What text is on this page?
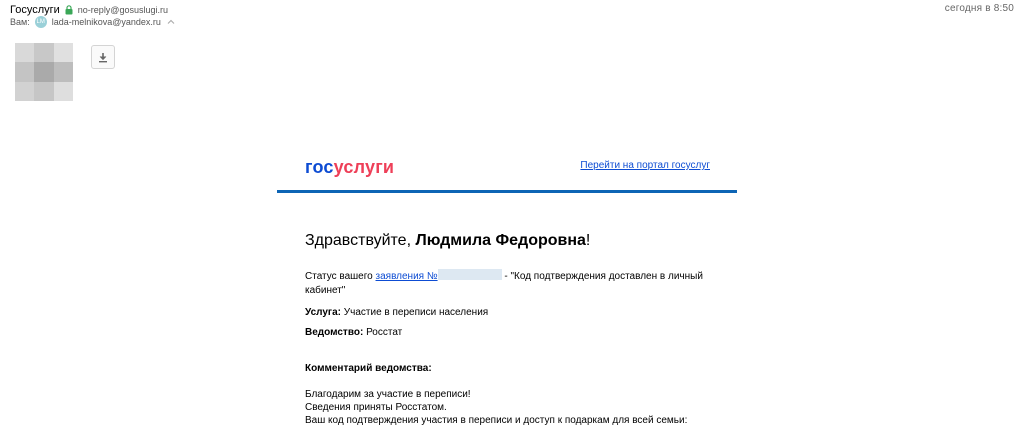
Госуслуги no-reply@gosuslugi.ru	сегодня в 8:50
Вам:	LM lada-melnikova@yandex.ru
госуслуги	Перейти на портал госуслуг
Здравствуйте, Людмила Федоровна!
Статус вашего заявления №	- "Код подтверждения доставлен в личный кабинет"
Услуга: Участие в переписи населения
Ведомство: Росстат
Комментарий ведомства:
Благодарим за участие в переписи!
Сведения приняты Росстатом.
Ваш код подтверждения участия в переписи и доступ к подаркам для всей семьи:
